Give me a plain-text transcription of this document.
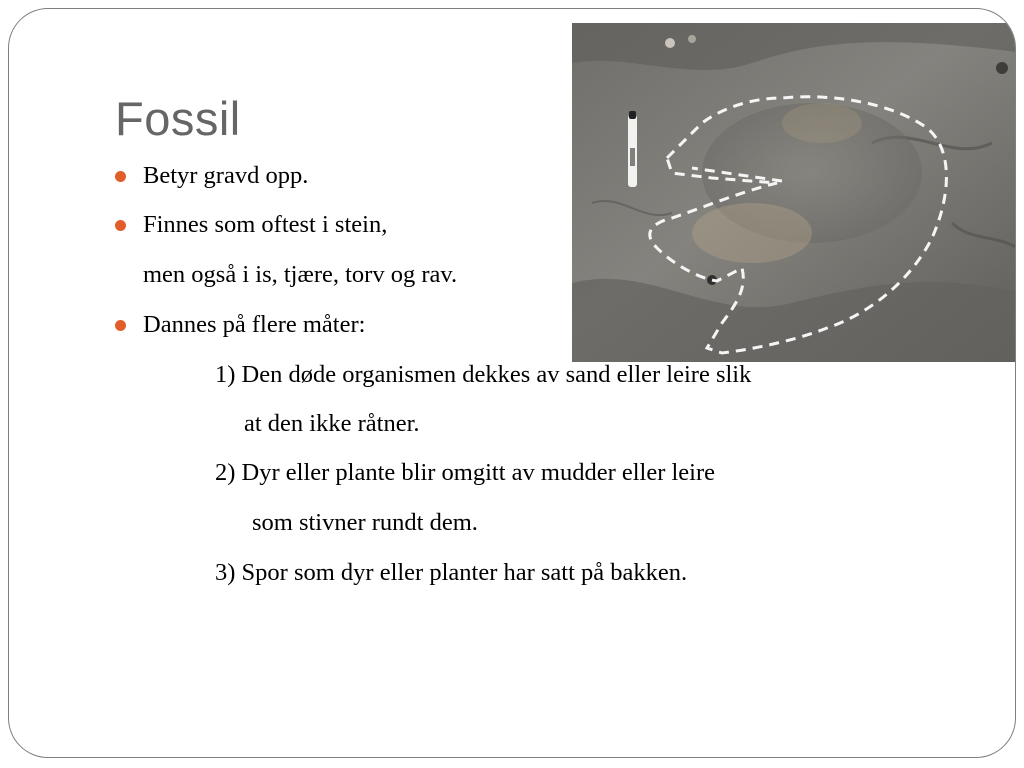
Fossil
Betyr gravd opp.
Finnes som oftest i stein,
men også i is, tjære, torv og rav.
Dannes på flere måter:
1) Den døde organismen dekkes av sand eller leire slik
at den ikke råtner.
2) Dyr eller plante blir omgitt av mudder eller leire
som stivner rundt dem.
3) Spor som dyr eller planter har satt på bakken.
